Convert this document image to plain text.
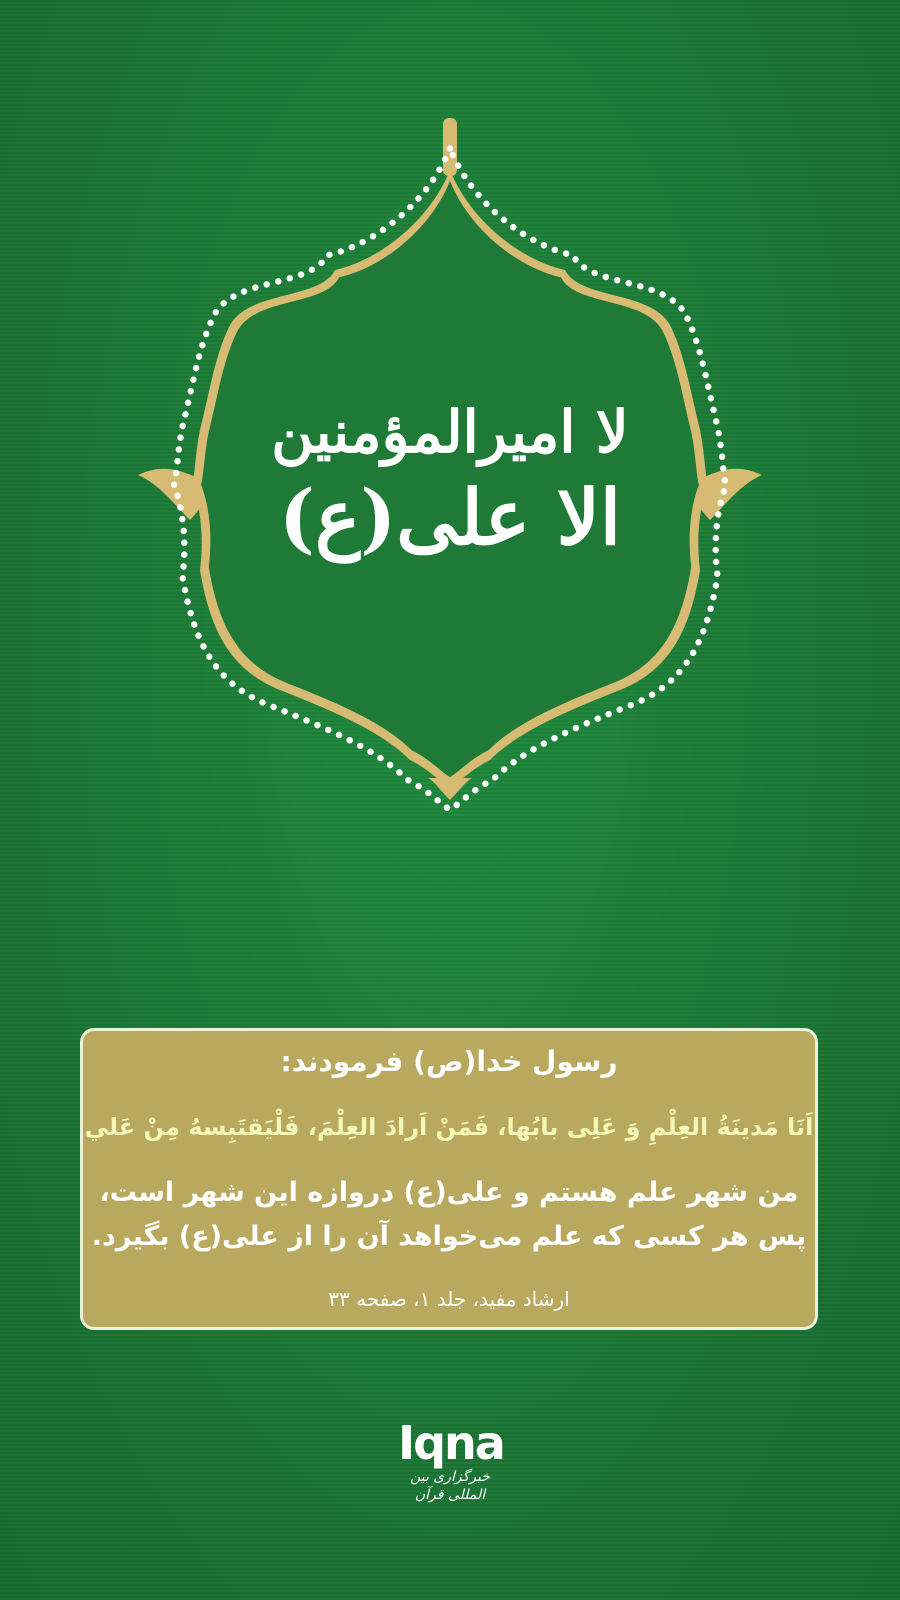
لا امیرالمؤمنین
الا علی(ع)
رسول خدا(ص) فرمودند:
اَنَا مَدینَةُ العِلْمِ وَ عَلِی بابُها، فَمَنْ اَرادَ العِلْمَ، فَلْیَقتَبِسهُ مِنْ عَلي
من شهر علم هستم و علی(ع) دروازه این شهر است،
پس هر کسی که علم می‌خواهد آن را از علی(ع) بگیرد.
ارشاد مفید، جلد ۱، صفحه ۳۳
Iqna
خبرگزاری بین المللی قرآن
